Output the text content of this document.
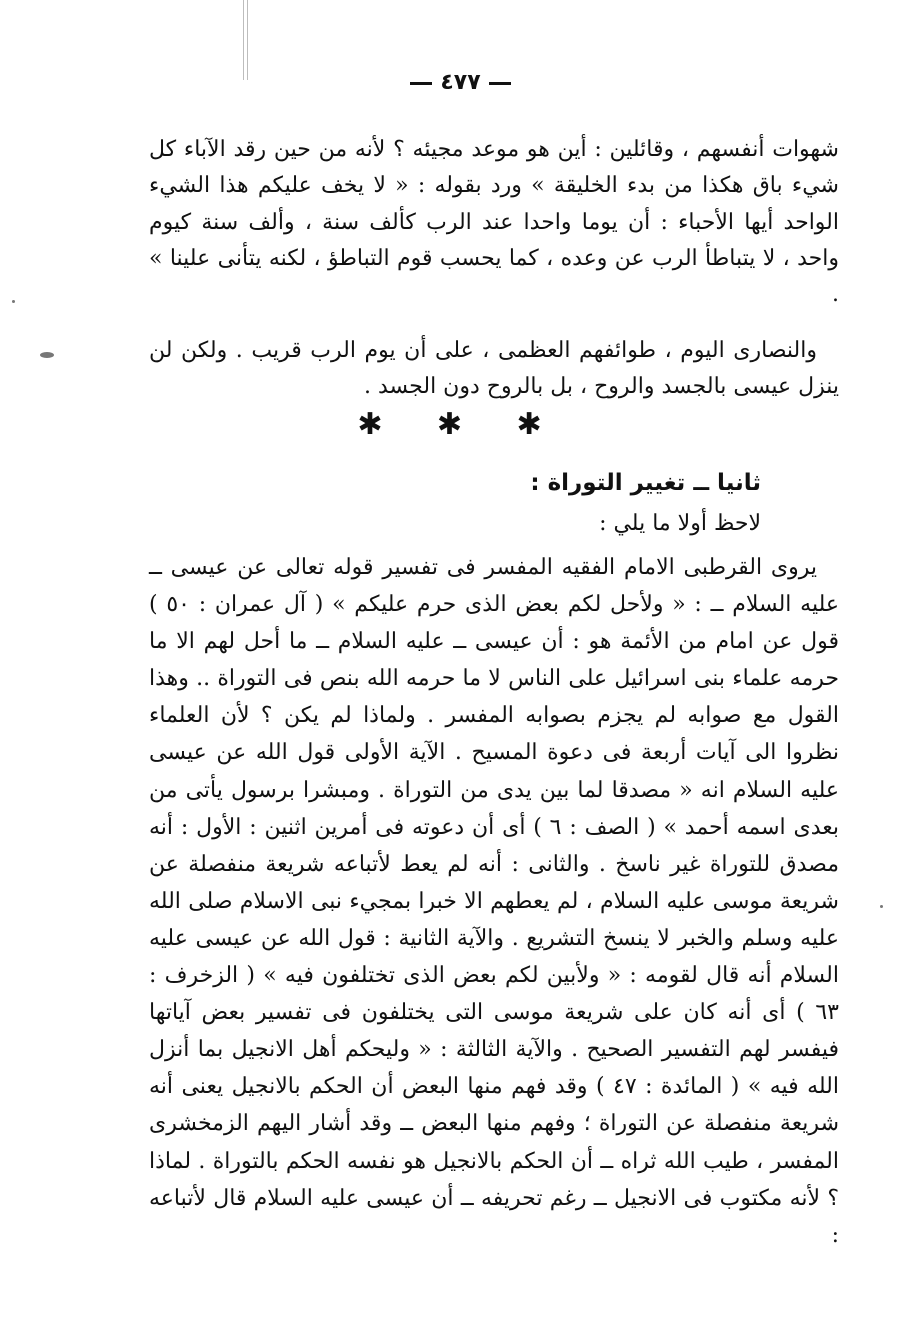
٤٧٧

شهوات أنفسهم ، وقائلين : أين هو موعد مجيئه ؟ لأنه من حين رقد الآباء كل شيء باق هكذا من بدء الخليقة » ورد بقوله : « لا يخف عليكم هذا الشيء الواحد أيها الأحباء : أن يوما واحدا عند الرب كألف سنة ، وألف سنة كيوم واحد ، لا يتباطأ الرب عن وعده ، كما يحسب قوم التباطؤ ، لكنه يتأنى علينا » .

والنصارى اليوم ، طوائفهم العظمى ، على أن يوم الرب قريب . ولكن لن ينزل عيسى بالجسد والروح ، بل بالروح دون الجسد .

✱ ✱ ✱
ثانيا ــ تغيير التوراة :
لاحظ أولا ما يلي :

يروى القرطبى الامام الفقيه المفسر فى تفسير قوله تعالى عن عيسى ــ عليه السلام ــ : « ولأحل لكم بعض الذى حرم عليكم » ( آل عمران : ٥٠ ) قول عن امام من الأئمة هو : أن عيسى ــ عليه السلام ــ ما أحل لهم الا ما حرمه علماء بنى اسرائيل على الناس لا ما حرمه الله بنص فى التوراة .. وهذا القول مع صوابه لم يجزم بصوابه المفسر . ولماذا لم يكن ؟ لأن العلماء نظروا الى آيات أربعة فى دعوة المسيح . الآية الأولى قول الله عن عيسى عليه السلام انه « مصدقا لما بين يدى من التوراة . ومبشرا برسول يأتى من بعدى اسمه أحمد » ( الصف : ٦ ) أى أن دعوته فى أمرين اثنين : الأول : أنه مصدق للتوراة غير ناسخ . والثانى : أنه لم يعط لأتباعه شريعة منفصلة عن شريعة موسى عليه السلام ، لم يعطهم الا خبرا بمجيء نبى الاسلام صلى الله عليه وسلم والخبر لا ينسخ التشريع . والآية الثانية : قول الله عن عيسى عليه السلام أنه قال لقومه : « ولأبين لكم بعض الذى تختلفون فيه » ( الزخرف : ٦٣ ) أى أنه كان على شريعة موسى التى يختلفون فى تفسير بعض آياتها فيفسر لهم التفسير الصحيح . والآية الثالثة : « وليحكم أهل الانجيل بما أنزل الله فيه » ( المائدة : ٤٧ ) وقد فهم منها البعض أن الحكم بالانجيل يعنى أنه شريعة منفصلة عن التوراة ؛ وفهم منها البعض ــ وقد أشار اليهم الزمخشرى المفسر ، طيب الله ثراه ــ أن الحكم بالانجيل هو نفسه الحكم بالتوراة . لماذا ؟ لأنه مكتوب فى الانجيل ــ رغم تحريفه ــ أن عيسى عليه السلام قال لأتباعه :
